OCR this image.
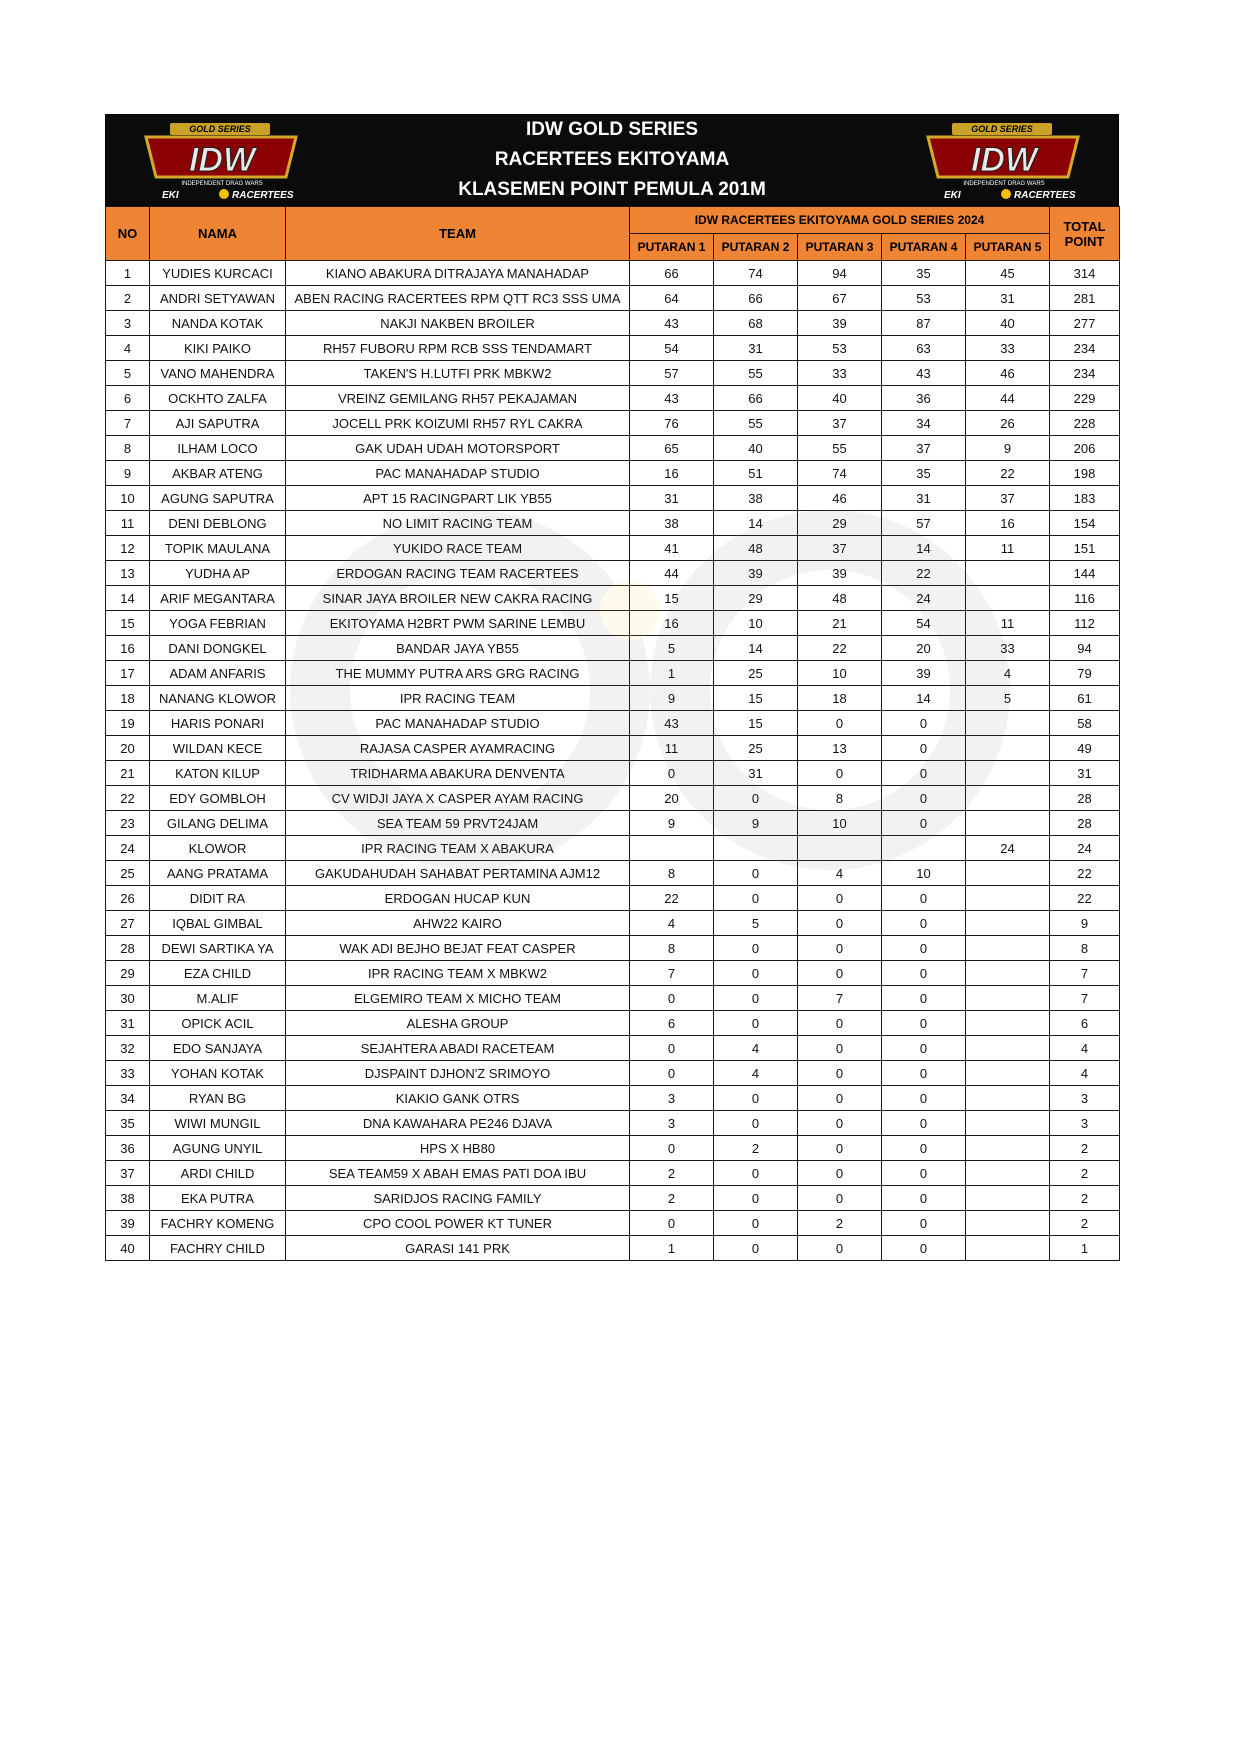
GOLD SERIES
IDW
INDEPENDENT DRAG WARS
EKI	RACERTEES
IDW GOLD SERIES
RACERTEES EKITOYAMA
KLASEMEN POINT PEMULA 201M
GOLD SERIES
IDW
INDEPENDENT DRAG WARS
EKI	RACERTEES
NO	NAMA	TEAM	IDW RACERTEES EKITOYAMA GOLD SERIES 2024					TOTAL
POINT

			PUTARAN 1	PUTARAN 2	PUTARAN 3	PUTARAN 4	PUTARAN 5	
1	YUDIES KURCACI	KIANO ABAKURA DITRAJAYA MANAHADAP	66	74	94	35	45	314
2	ANDRI SETYAWAN	ABEN RACING RACERTEES RPM QTT RC3 SSS UMA	64	66	67	53	31	281
3	NANDA KOTAK	NAKJI NAKBEN BROILER	43	68	39	87	40	277
4	KIKI PAIKO	RH57 FUBORU RPM RCB SSS TENDAMART	54	31	53	63	33	234
5	VANO MAHENDRA	TAKEN'S H.LUTFI PRK MBKW2	57	55	33	43	46	234
6	OCKHTO ZALFA	VREINZ GEMILANG RH57 PEKAJAMAN	43	66	40	36	44	229
7	AJI SAPUTRA	JOCELL PRK KOIZUMI RH57 RYL CAKRA	76	55	37	34	26	228
8	ILHAM LOCO	GAK UDAH UDAH MOTORSPORT	65	40	55	37	9	206
9	AKBAR ATENG	PAC MANAHADAP STUDIO	16	51	74	35	22	198
10	AGUNG SAPUTRA	APT 15 RACINGPART LIK YB55	31	38	46	31	37	183
11	DENI DEBLONG	NO LIMIT RACING TEAM	38	14	29	57	16	154
12	TOPIK MAULANA	YUKIDO RACE TEAM	41	48	37	14	11	151
13	YUDHA AP	ERDOGAN RACING TEAM RACERTEES	44	39	39	22		144
14	ARIF MEGANTARA	SINAR JAYA BROILER NEW CAKRA RACING	15	29	48	24		116
15	YOGA FEBRIAN	EKITOYAMA H2BRT PWM SARINE LEMBU	16	10	21	54	11	112
16	DANI DONGKEL	BANDAR JAYA YB55	5	14	22	20	33	94
17	ADAM ANFARIS	THE MUMMY PUTRA ARS GRG RACING	1	25	10	39	4	79
18	NANANG KLOWOR	IPR RACING TEAM	9	15	18	14	5	61
19	HARIS PONARI	PAC MANAHADAP STUDIO	43	15	0	0		58
20	WILDAN KECE	RAJASA CASPER AYAMRACING	11	25	13	0		49
21	KATON KILUP	TRIDHARMA ABAKURA DENVENTA	0	31	0	0		31
22	EDY GOMBLOH	CV WIDJI JAYA X CASPER AYAM RACING	20	0	8	0		28
23	GILANG DELIMA	SEA TEAM 59 PRVT24JAM	9	9	10	0		28
24	KLOWOR	IPR RACING TEAM X ABAKURA					24	24
25	AANG PRATAMA	GAKUDAHUDAH SAHABAT PERTAMINA AJM12	8	0	4	10		22
26	DIDIT RA	ERDOGAN HUCAP KUN	22	0	0	0		22
27	IQBAL GIMBAL	AHW22 KAIRO	4	5	0	0		9
28	DEWI SARTIKA YA	WAK ADI BEJHO BEJAT FEAT CASPER	8	0	0	0		8
29	EZA CHILD	IPR RACING TEAM X MBKW2	7	0	0	0		7
30	M.ALIF	ELGEMIRO TEAM X MICHO TEAM	0	0	7	0		7
31	OPICK ACIL	ALESHA GROUP	6	0	0	0		6
32	EDO SANJAYA	SEJAHTERA ABADI RACETEAM	0	4	0	0		4
33	YOHAN KOTAK	DJSPAINT DJHON'Z SRIMOYO	0	4	0	0		4
34	RYAN BG	KIAKIO GANK OTRS	3	0	0	0		3
35	WIWI MUNGIL	DNA KAWAHARA PE246 DJAVA	3	0	0	0		3
36	AGUNG UNYIL	HPS X HB80	0	2	0	0		2
37	ARDI CHILD	SEA TEAM59 X ABAH EMAS PATI DOA IBU	2	0	0	0		2
38	EKA PUTRA	SARIDJOS RACING FAMILY	2	0	0	0		2
39	FACHRY KOMENG	CPO COOL POWER KT TUNER	0	0	2	0		2
40	FACHRY CHILD	GARASI 141 PRK	1	0	0	0		1
